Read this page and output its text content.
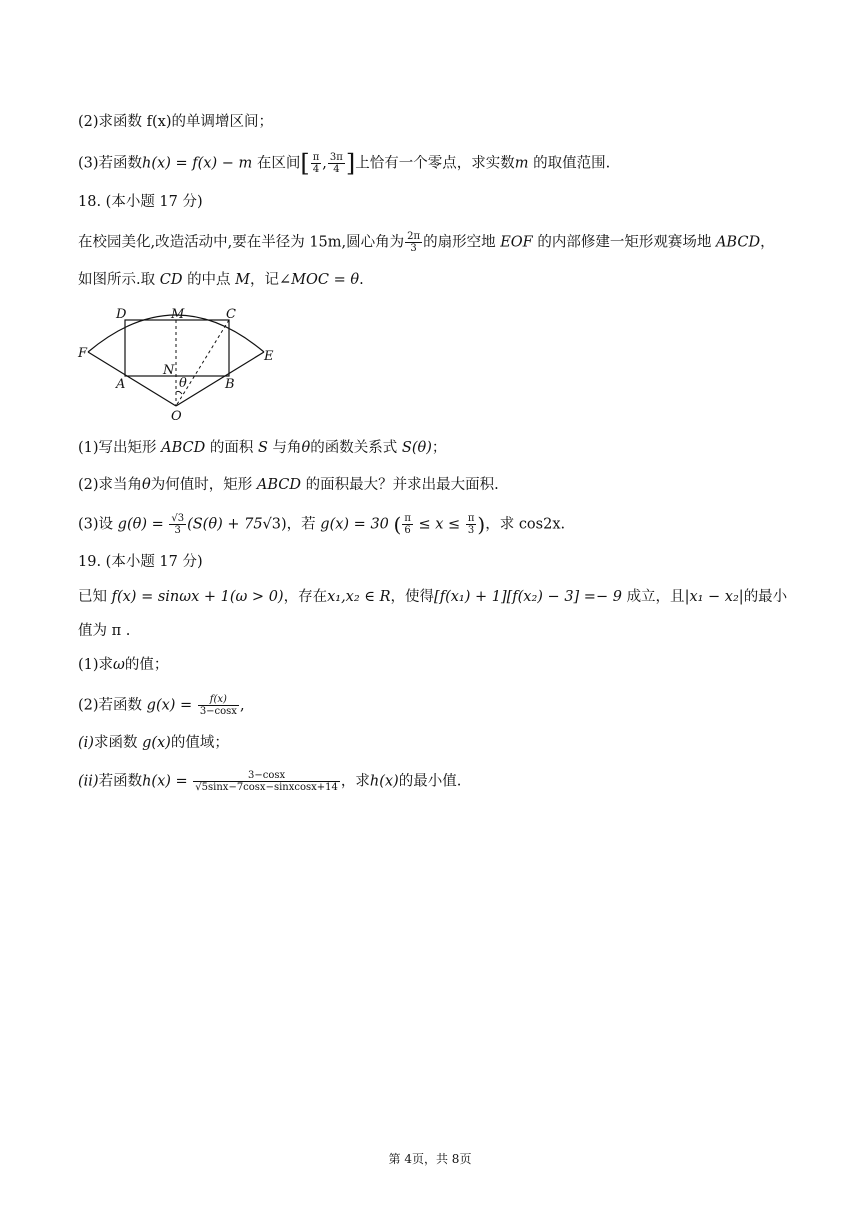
(2)求函数 f(x)的单调增区间；
(3)若函数h(x) = f(x) − m 在区间[ $\frac{\pi}{4}$ , $\frac{3\pi}{4}$ ]上恰有一个零点，求实数m 的取值范围.
18. (本小题 17 分)
在校园美化,改造活动中,要在半径为 15m,圆心角为 $\frac{2\pi}{3}$ 的扇形空地 EOF 的内部修建一矩形观赛场地 ABCD，
如图所示.取 CD 的中点 M，记∠MOC = θ.
D	M	C
F	E
A
N
θ	B
O
(1)写出矩形 ABCD 的面积 S 与角θ的函数关系式 S(θ)；
(2)求当角θ为何值时，矩形 ABCD 的面积最大？并求出最大面积.
(3)设 $g(\theta) = \frac{√3}{3} (S(\theta) + 75√3)$，若 g(x) = 30 ( $\frac{\pi}{6} \le x \le \frac{\pi}{3}$ )，求 cos2x.
19. (本小题 17 分)
已知 f(x) = sinωx + 1(ω > 0)，存在x₁,x₂ ∈ R，使得[f(x₁) + 1][f(x₂) − 3] =− 9 成立，且|x₁ − x₂|的最小
值为 π .
(1)求ω的值；
(2)若函数 $g(x) = \frac{f(x)}{3-\cos x}$ ,
(i)求函数 g(x)的值域；
(ii)若函数$h(x) = \frac{3-\cos x}{\text{√5sinx−7cosx−sinxcosx+14}}$ ，求h(x)的最小值.
第 4页，共 8页
